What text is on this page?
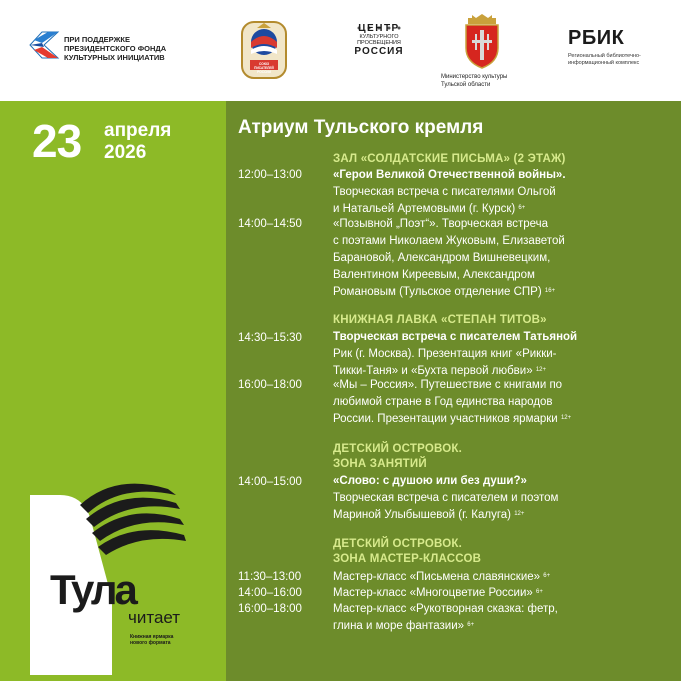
ПРИ ПОДДЕРЖКЕ
ПРЕЗИДЕНТСКОГО ФОНДА
КУЛЬТУРНЫХ ИНИЦИАТИВ
СОЮЗ ПИСАТЕЛЕЙ РОССИИ
ЦЕНТР
КУЛЬТУРНОГО
ПРОСВЕЩЕНИЯ
РОССИЯ
Министерство культуры
Тульской области
РБИК
Региональный библиотечно-
информационный комплекс
23 апреля
2026
Атриум Тульского кремля
ЗАЛ «СОЛДАТСКИЕ ПИСЬМА» (2 ЭТАЖ)
12:00–13:00	«Герои Великой Отечественной войны».
Творческая встреча с писателями Ольгой
и Натальей Артемовыми (г. Курск) $^{6+}$
14:00–14:50	«Позывной „Поэт“». Творческая встреча
с поэтами Николаем Жуковым, Елизаветой
Барановой, Александром Вишневецким,
Валентином Киреевым, Александром
Романовым (Тульское отделение СПР) $^{16+}$
КНИЖНАЯ ЛАВКА «СТЕПАН ТИТОВ»
14:30–15:30	Творческая встреча с писателем Татьяной
Рик (г. Москва). Презентация книг «Рикки-
Тикки-Таня» и «Бухта первой любви» $^{12+}$
16:00–18:00	«Мы – Россия». Путешествие с книгами по
любимой стране в Год единства народов
России. Презентации участников ярмарки $^{12+}$
ДЕТСКИЙ ОСТРОВОК.
ЗОНА ЗАНЯТИЙ
14:00–15:00	«Слово: с душою или без души?»
Творческая встреча с писателем и поэтом
Мариной Улыбышевой (г. Калуга) $^{12+}$
ДЕТСКИЙ ОСТРОВОК.
ЗОНА МАСТЕР-КЛАССОВ
11:30–13:00	Мастер-класс «Письмена славянские» $^{6+}$
14:00–16:00	Мастер-класс «Многоцветие России» $^{6+}$
16:00–18:00	Мастер-класс «Рукотворная сказка: фетр,
глина и море фантазии» $^{6+}$
Тула
читает
Книжная ярмарка
нового формата
